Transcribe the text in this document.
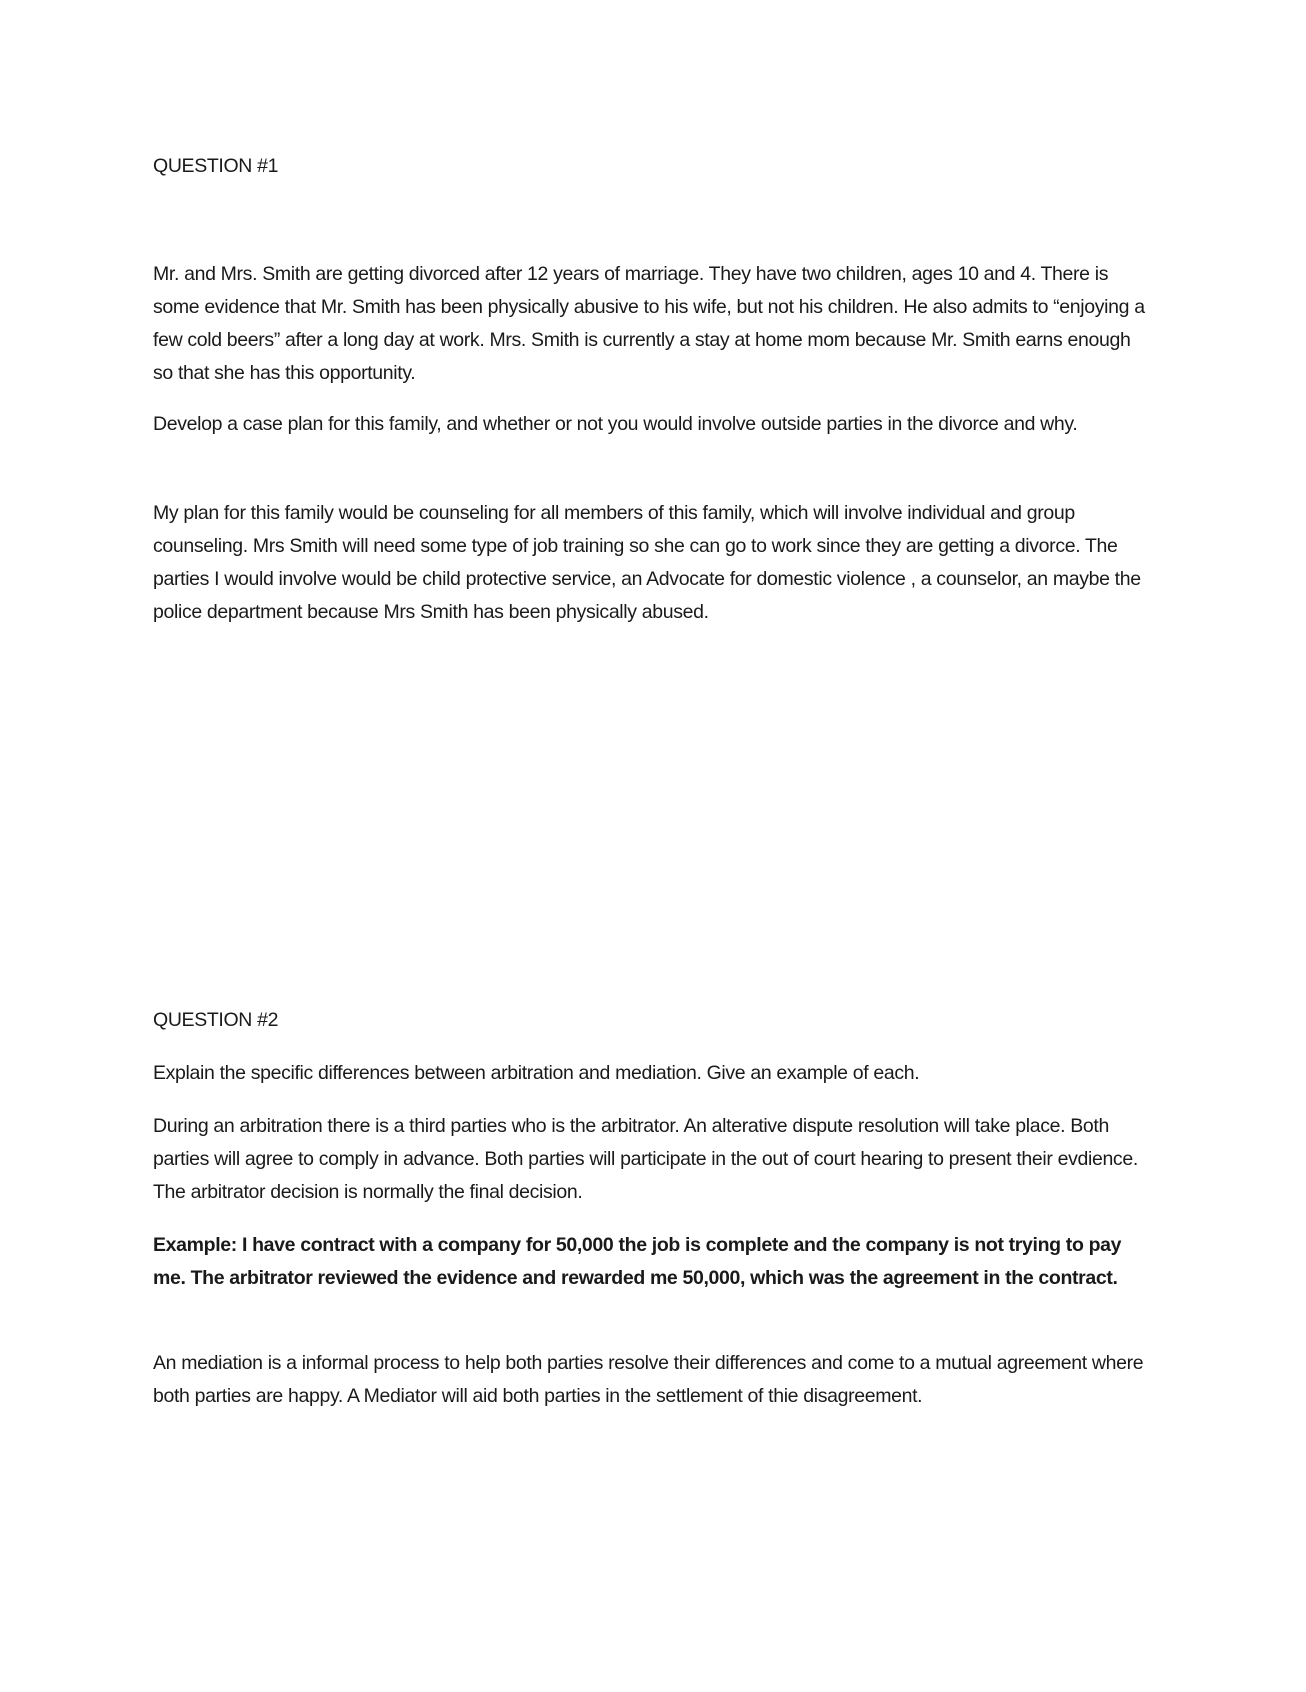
QUESTION #1

Mr. and Mrs. Smith are getting divorced after 12 years of marriage. They have two children, ages 10 and 4. There is some evidence that Mr. Smith has been physically abusive to his wife, but not his children. He also admits to “enjoying a few cold beers” after a long day at work. Mrs. Smith is currently a stay at home mom because Mr. Smith earns enough so that she has this opportunity.

Develop a case plan for this family, and whether or not you would involve outside parties in the divorce and why.

My plan for this family would be counseling for all members of this family, which will involve individual and group counseling. Mrs Smith will need some type of job training so she can go to work since they are getting a divorce. The parties I would involve would be child protective service, an Advocate for domestic violence , a counselor, an maybe the police department because Mrs Smith has been physically abused.

QUESTION #2

Explain the specific differences between arbitration and mediation. Give an example of each.

During an arbitration there is a third parties who is the arbitrator. An alterative dispute resolution will take place. Both parties will agree to comply in advance. Both parties will participate in the out of court hearing to present their evdience. The arbitrator decision is normally the final decision.

Example: I have contract with a company for 50,000 the job is complete and the company is not trying to pay me. The arbitrator reviewed the evidence and rewarded me 50,000, which was the agreement in the contract.

An mediation is a informal process to help both parties resolve their differences and come to a mutual agreement where both parties are happy. A Mediator will aid both parties in the settlement of thie disagreement.
